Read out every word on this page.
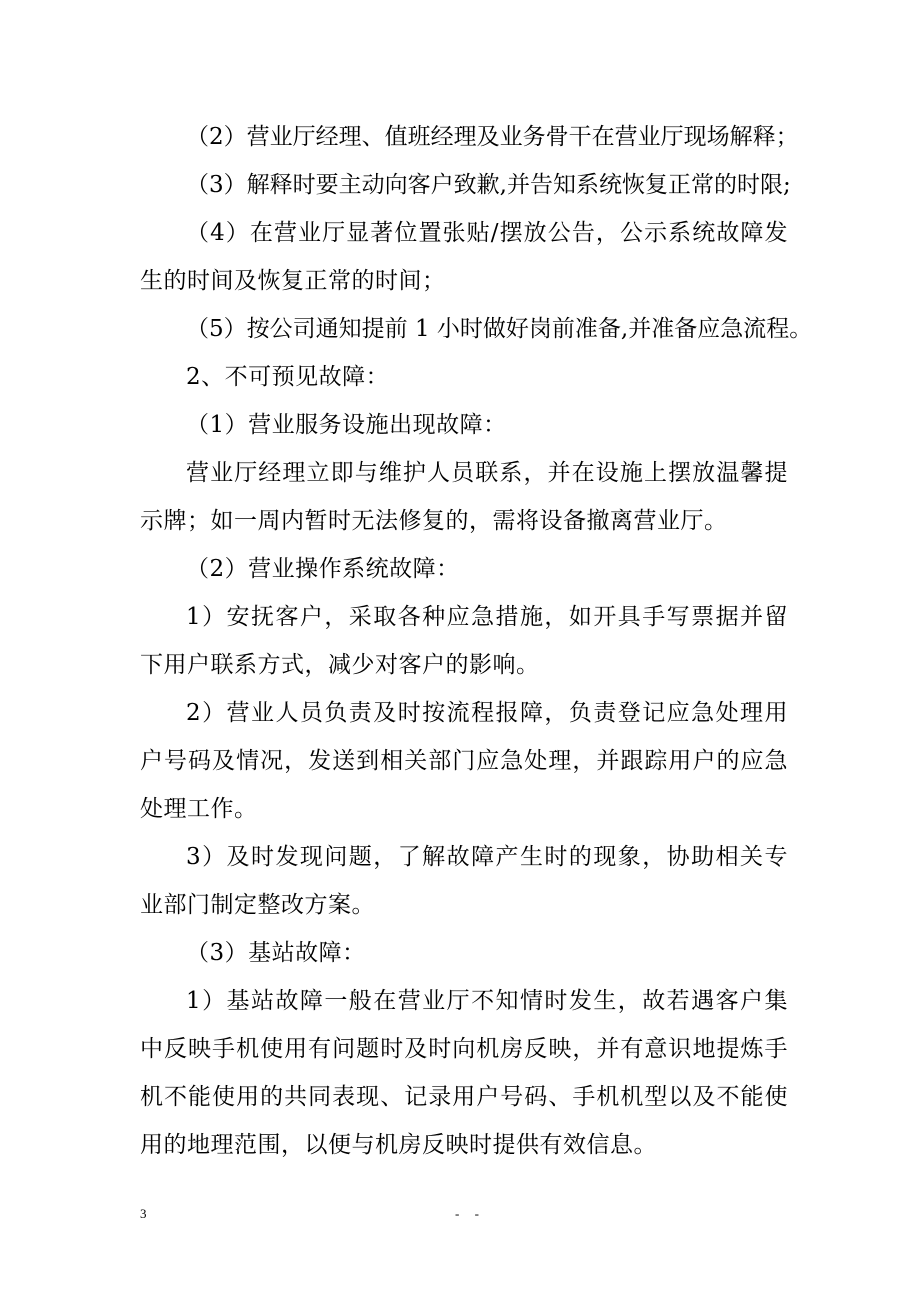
（2）营业厅经理、值班经理及业务骨干在营业厅现场解释；

（3）解释时要主动向客户致歉,并告知系统恢复正常的时限;

（4）在营业厅显著位置张贴/摆放公告，公示系统故障发生的时间及恢复正常的时间；

（5）按公司通知提前 1 小时做好岗前准备,并准备应急流程。

2、不可预见故障：

（1）营业服务设施出现故障：

营业厅经理立即与维护人员联系，并在设施上摆放温馨提示牌；如一周内暂时无法修复的，需将设备撤离营业厅。

（2）营业操作系统故障：

1）安抚客户，采取各种应急措施，如开具手写票据并留下用户联系方式，减少对客户的影响。

2）营业人员负责及时按流程报障，负责登记应急处理用户号码及情况，发送到相关部门应急处理，并跟踪用户的应急处理工作。

3）及时发现问题，了解故障产生时的现象，协助相关专业部门制定整改方案。

（3）基站故障：

1）基站故障一般在营业厅不知情时发生，故若遇客户集中反映手机使用有问题时及时向机房反映，并有意识地提炼手机不能使用的共同表现、记录用户号码、手机机型以及不能使用的地理范围，以便与机房反映时提供有效信息。

3	- -
